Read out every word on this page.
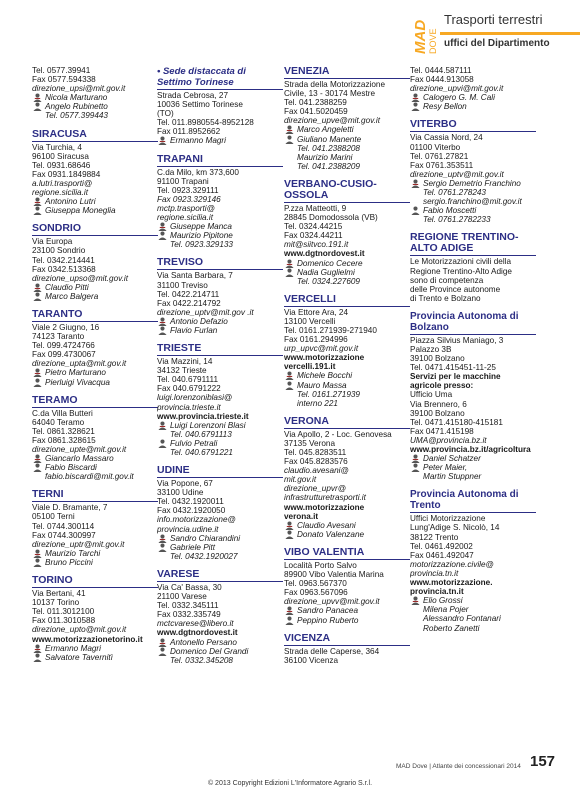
MAD DOVE
Trasporti terrestri
uffici del Dipartimento
Tel. 0577.39941
Fax 0577.594338
direzione_upsi@mit.gov.it
Nicola Marturano
Angelo Rubinetto
Tel. 0577.399443
SIRACUSA
Via Turchia, 4
96100 Siracusa
Tel. 0931.68646
Fax 0931.1849884
a.lutri.trasporti@
regione.sicilia.it
Antonino Lutri
Giuseppa Moneglia
SONDRIO
Via Europa
23100 Sondrio
Tel. 0342.214441
Fax 0342.513368
direzione_upso@mit.gov.it
Claudio Pitti
Marco Balgera
TARANTO
Viale 2 Giugno, 16
74123 Taranto
Tel. 099.4724766
Fax 099.4730067
direzione_upta@mit.gov.it
Pietro Marturano
Pierluigi Vivacqua
TERAMO
C.da Villa Butteri
64040 Teramo
Tel. 0861.328621
Fax 0861.328615
direzione_upte@mit.gov.it
Giancarlo Massaro
Fabio Biscardi
fabio.biscardi@mit.gov.it
TERNI
Viale D. Bramante, 7
05100 Terni
Tel. 0744.300114
Fax 0744.300997
direzione_uptr@mit.gov.it
Maurizio Tarchi
Bruno Piccini
TORINO
Via Bertani, 41
10137 Torino
Tel. 011.3012100
Fax 011.3010588
direzione_upto@mit.gov.it
www.motorizzazionetorino.it
Ermanno Magri
Salvatore Tavernitì
• Sede distaccata di Settimo Torinese
Strada Cebrosa, 27
10036 Settimo Torinese
(TO)
Tel. 011.8980554-8952128
Fax 011.8952662
Ermanno Magri
TRAPANI
C.da Milo, km 373,600
91100 Trapani
Tel. 0923.329111
Fax 0923.329146
mctp.trasporti@
regione.sicilia.it
Giuseppe Manca
Maurizio Pipitone
Tel. 0923.329133
TREVISO
Via Santa Barbara, 7
31100 Treviso
Tel. 0422.214711
Fax 0422.214792
direzione_uptv@mit.gov .it
Antonio Defazio
Flavio Furlan
TRIESTE
Via Mazzini, 14
34132 Trieste
Tel. 040.6791111
Fax 040.6791222
luigi.lorenzoniblasi@
provincia.trieste.it
www.provincia.trieste.it
Luigi Lorenzoni Blasi
Tel. 040.6791113
Fulvio Petrali
Tel. 040.6791221
UDINE
Via Popone, 67
33100 Udine
Tel. 0432.1920011
Fax 0432.1920050
info.motorizzazione@
provincia.udine.it
Sandro Chiarandini
Gabriele Pitt
Tel. 0432.1920027
VARESE
Via Ca' Bassa, 30
21100 Varese
Tel. 0332.345111
Fax 0332.335749
mctcvarese@libero.it
www.dgtnordovest.it
Antonello Persano
Domenico Del Grandi
Tel. 0332.345208
VENEZIA
Strada della Motorizzazione
Civile, 13 - 30174 Mestre
Tel. 041.2388259
Fax 041.5020459
direzione_upve@mit.gov.it
Marco Angeletti
Giuliano Manente
Tel. 041.2388208
Maurizio Marini
Tel. 041.2388209
VERBANO-CUSIO-OSSOLA
P.zza Matteotti, 9
28845 Domodossola (VB)
Tel. 0324.44215
Fax 0324.44211
mit@siitvco.191.it
www.dgtnordovest.it
Domenico Cecere
Nadia Guglielmi
Tel. 0324.227609
VERCELLI
Via Ettore Ara, 24
13100 Vercelli
Tel. 0161.271939-271940
Fax 0161.294996
urp_upvc@mit.gov.it
www.motorizzazione
vercelli.191.it
Michele Bocchi
Mauro Massa
Tel. 0161.271939
interno 221
VERONA
Via Apollo, 2 - Loc. Genovesa
37135 Verona
Tel. 045.8283511
Fax 045.8283576
claudio.avesani@
mit.gov.it
direzione_upvr@
infrastrutturetrasporti.it
www.motorizzazione
verona.it
Claudio Avesani
Donato Valenzane
VIBO VALENTIA
Località Porto Salvo
89900 Vibo Valentia Marina
Tel. 0963.567370
Fax 0963.567096
direzione_upvv@mit.gov.it
Sandro Panacea
Peppino Ruberto
VICENZA
Strada delle Caperse, 364
36100 Vicenza
Tel. 0444.587111
Fax 0444.913058
direzione_upvi@mit.gov.it
Calogero G. M. Cali
Resy Bellon
VITERBO
Via Cassia Nord, 24
01100 Viterbo
Tel. 0761.27821
Fax 0761.353511
direzione_uptv@mit.gov.it
Sergio Demetrio Franchino
Tel. 0761.278243
sergio.franchino@mit.gov.it
Fabio Moscetti
Tel. 0761.2782233
REGIONE TRENTINO-ALTO ADIGE
Le Motorizzazioni civili della
Regione Trentino-Alto Adige
sono di competenza
delle Province autonome
di Trento e Bolzano
Provincia Autonoma di Bolzano
Piazza Silvius Maniago, 3
Palazzo 3B
39100 Bolzano
Tel. 0471.415451-11-25
Servizi per le macchine
agricole presso:
Ufficio Uma
Via Brennero, 6
39100 Bolzano
Tel. 0471.415180-415181
Fax 0471.415198
UMA@provincia.bz.it
www.provincia.bz.it/agricoltura
Daniel Schatzer
Peter Maier,
Martin Stuppner
Provincia Autonoma di Trento
Uffici Motorizzazione
Lung'Adige S. Nicolò, 14
38122 Trento
Tel. 0461.492002
Fax 0461.492047
motorizzazione.civile@
provincia.tn.it
www.motorizzazione.
provincia.tn.it
Elio Grossi
Milena Pojer
Alessandro Fontanari
Roberto Zanetti
MAD Dove | Atlante dei concessionari 2014 157
© 2013 Copyright Edizioni L'Informatore Agrario S.r.l.
